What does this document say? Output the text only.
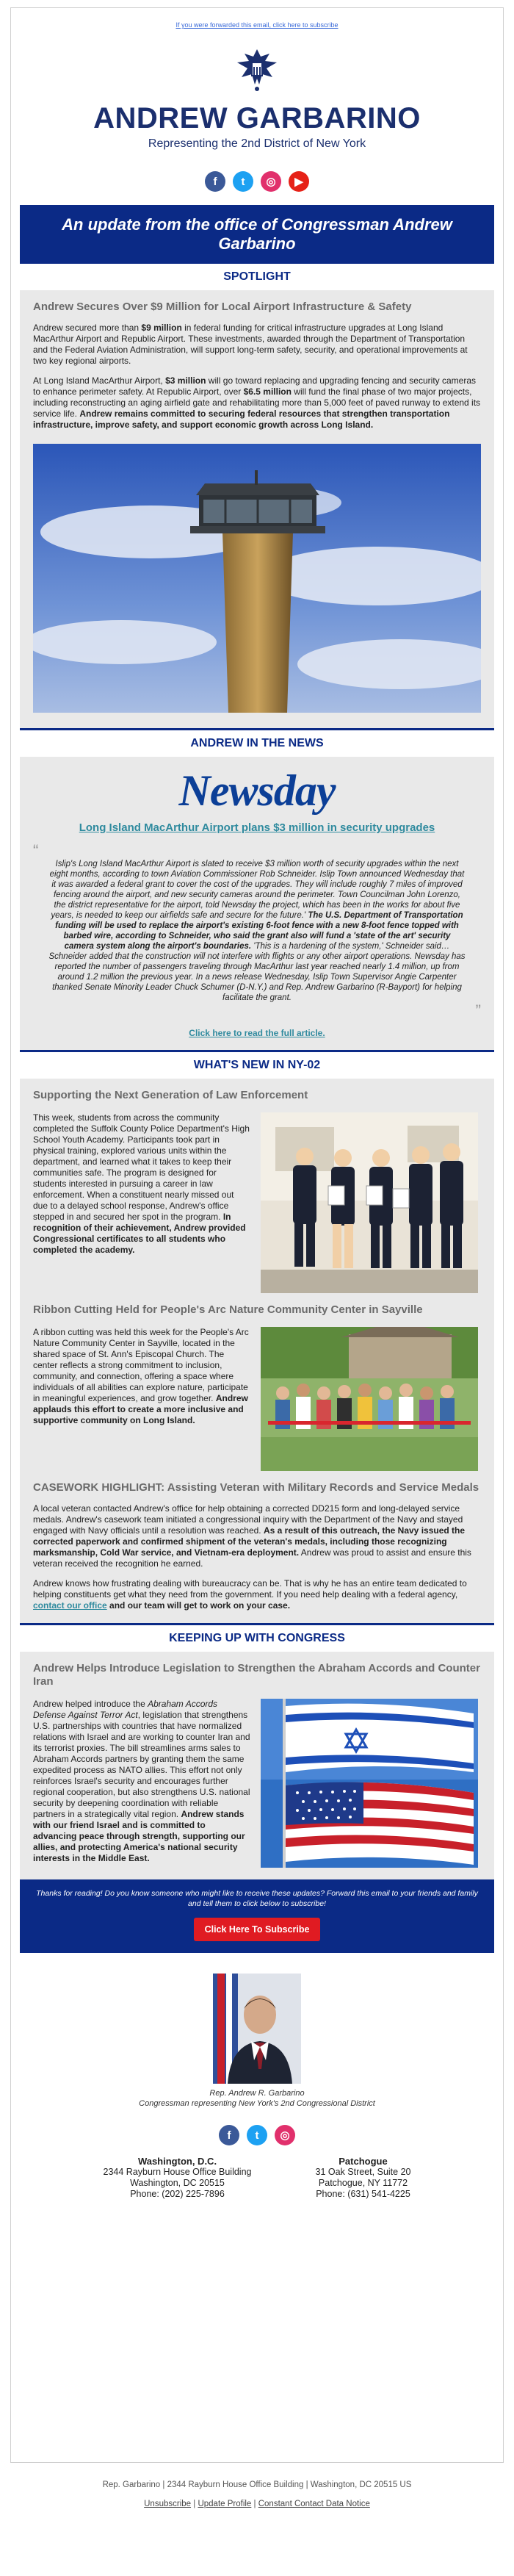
If you were forwarded this email, click here to subscribe
ANDREW GARBARINO
Representing the 2nd District of New York
f	t	◎	▶
An update from the office of Congressman Andrew Garbarino
SPOTLIGHT
Andrew Secures Over $9 Million for Local Airport Infrastructure & Safety

Andrew secured more than $9 million in federal funding for critical infrastructure upgrades at Long Island MacArthur Airport and Republic Airport. These investments, awarded through the Department of Transportation and the Federal Aviation Administration, will support long-term safety, security, and operational improvements at two key regional airports.

At Long Island MacArthur Airport, $3 million will go toward replacing and upgrading fencing and security cameras to enhance perimeter safety. At Republic Airport, over $6.5 million will fund the final phase of two major projects, including reconstructing an aging airfield gate and rehabilitating more than 5,000 feet of paved runway to extend its service life. Andrew remains committed to securing federal resources that strengthen transportation infrastructure, improve safety, and support economic growth across Long Island.

ANDREW IN THE NEWS
Newsday
Long Island MacArthur Airport plans $3 million in security upgrades
“

Islip's Long Island MacArthur Airport is slated to receive $3 million worth of security upgrades within the next eight months, according to town Aviation Commissioner Rob Schneider. Islip Town announced Wednesday that it was awarded a federal grant to cover the cost of the upgrades. They will include roughly 7 miles of improved fencing around the airport, and new security cameras around the perimeter. Town Councilman John Lorenzo, the district representative for the airport, told Newsday the project, which has been in the works for about five years, is needed to keep our airfields safe and secure for the future.' The U.S. Department of Transportation funding will be used to replace the airport's existing 6-foot fence with a new 8-foot fence topped with barbed wire, according to Schneider, who said the grant also will fund a 'state of the art' security camera system along the airport's boundaries. 'This is a hardening of the system,' Schneider said…Schneider added that the construction will not interfere with flights or any other airport operations. Newsday has reported the number of passengers traveling through MacArthur last year reached nearly 1.4 million, up from around 1.2 million the previous year. In a news release Wednesday, Islip Town Supervisor Angie Carpenter thanked Senate Minority Leader Chuck Schumer (D-N.Y.) and Rep. Andrew Garbarino (R-Bayport) for helping facilitate the grant.

”
Click here to read the full article.
WHAT'S NEW IN NY-02
Supporting the Next Generation of Law Enforcement

This week, students from across the community completed the Suffolk County Police Department's High School Youth Academy. Participants took part in physical training, explored various units within the department, and learned what it takes to keep their communities safe. The program is designed for students interested in pursuing a career in law enforcement. When a constituent nearly missed out due to a delayed school response, Andrew's office stepped in and secured her spot in the program. In recognition of their achievement, Andrew provided Congressional certificates to all students who completed the academy.

Ribbon Cutting Held for People's Arc Nature Community Center in Sayville

A ribbon cutting was held this week for the People's Arc Nature Community Center in Sayville, located in the shared space of St. Ann's Episcopal Church. The center reflects a strong commitment to inclusion, community, and connection, offering a space where individuals of all abilities can explore nature, participate in meaningful experiences, and grow together. Andrew applauds this effort to create a more inclusive and supportive community on Long Island.

CASEWORK HIGHLIGHT: Assisting Veteran with Military Records and Service Medals

A local veteran contacted Andrew's office for help obtaining a corrected DD215 form and long-delayed service medals. Andrew's casework team initiated a congressional inquiry with the Department of the Navy and stayed engaged with Navy officials until a resolution was reached. As a result of this outreach, the Navy issued the corrected paperwork and confirmed shipment of the veteran's medals, including those recognizing marksmanship, Cold War service, and Vietnam-era deployment. Andrew was proud to assist and ensure this veteran received the recognition he earned.

Andrew knows how frustrating dealing with bureaucracy can be. That is why he has an entire team dedicated to helping constituents get what they need from the government. If you need help dealing with a federal agency, contact our office and our team will get to work on your case.

KEEPING UP WITH CONGRESS
Andrew Helps Introduce Legislation to Strengthen the Abraham Accords and Counter Iran

Andrew helped introduce the Abraham Accords Defense Against Terror Act, legislation that strengthens U.S. partnerships with countries that have normalized relations with Israel and are working to counter Iran and its terrorist proxies. The bill streamlines arms sales to Abraham Accords partners by granting them the same expedited process as NATO allies. This effort not only reinforces Israel's security and encourages further regional cooperation, but also strengthens U.S. national security by deepening coordination with reliable partners in a strategically vital region. Andrew stands with our friend Israel and is committed to advancing peace through strength, supporting our allies, and protecting America's national security interests in the Middle East.

Thanks for reading! Do you know someone who might like to receive these updates? Forward this email to your friends and family and tell them to click below to subscribe!

Click Here To Subscribe
Rep. Andrew R. Garbarino
Congressman representing New York's 2nd Congressional District
f	t	◎
Washington, D.C.
2344 Rayburn House Office Building
Washington, DC 20515
Phone: (202) 225-7896
Patchogue
31 Oak Street, Suite 20
Patchogue, NY 11772
Phone: (631) 541-4225
Rep. Garbarino | 2344 Rayburn House Office Building | Washington, DC 20515 US
Unsubscribe | Update Profile | Constant Contact Data Notice
